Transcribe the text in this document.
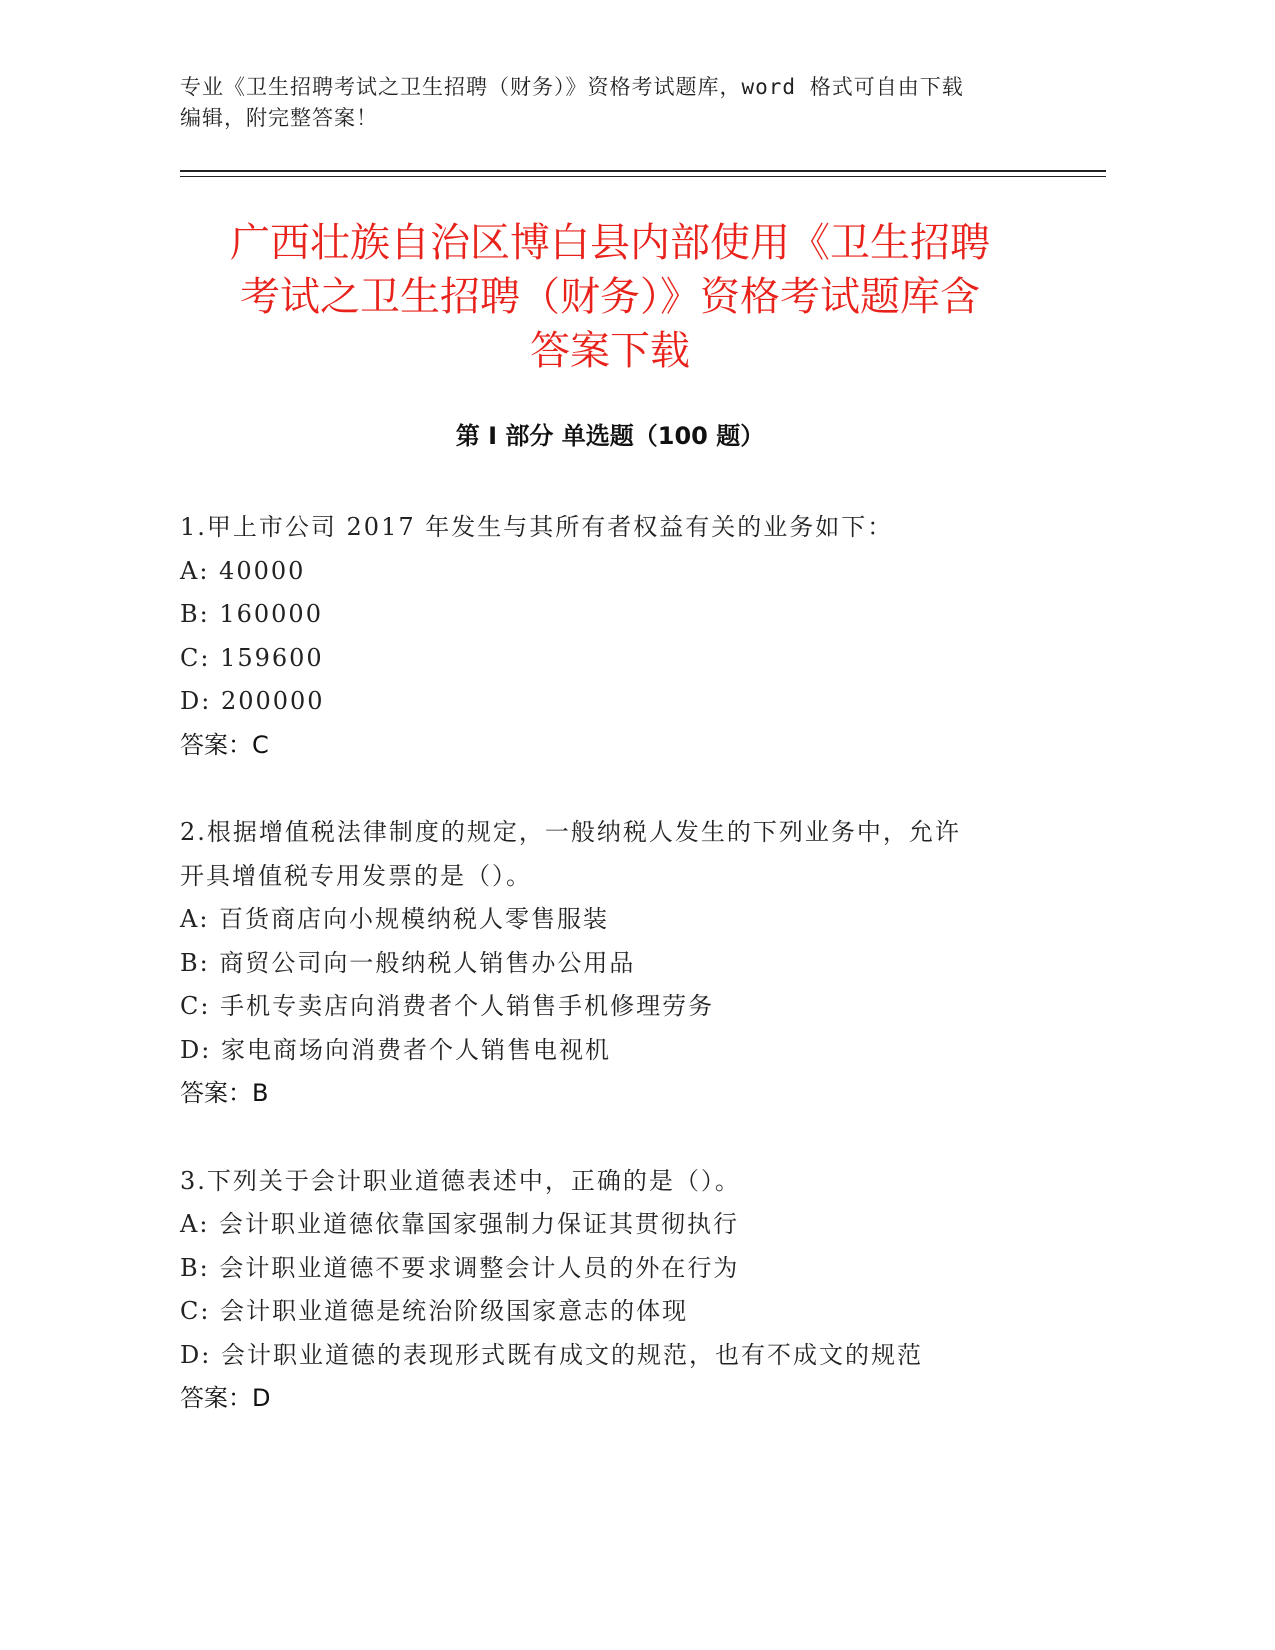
专业《卫生招聘考试之卫生招聘（财务）》资格考试题库，word 格式可自由下载
编辑，附完整答案！
广西壮族自治区博白县内部使用《卫生招聘
考试之卫生招聘（财务）》资格考试题库含
答案下载
第 I 部分 单选题（100 题）
1.甲上市公司 2017 年发生与其所有者权益有关的业务如下：
A: 40000
B: 160000
C: 159600
D: 200000
答案：C
2.根据增值税法律制度的规定，一般纳税人发生的下列业务中，允许
开具增值税专用发票的是（）。
A: 百货商店向小规模纳税人零售服装
B: 商贸公司向一般纳税人销售办公用品
C: 手机专卖店向消费者个人销售手机修理劳务
D: 家电商场向消费者个人销售电视机
答案：B
3.下列关于会计职业道德表述中，正确的是（）。
A: 会计职业道德依靠国家强制力保证其贯彻执行
B: 会计职业道德不要求调整会计人员的外在行为
C: 会计职业道德是统治阶级国家意志的体现
D: 会计职业道德的表现形式既有成文的规范，也有不成文的规范
答案：D
